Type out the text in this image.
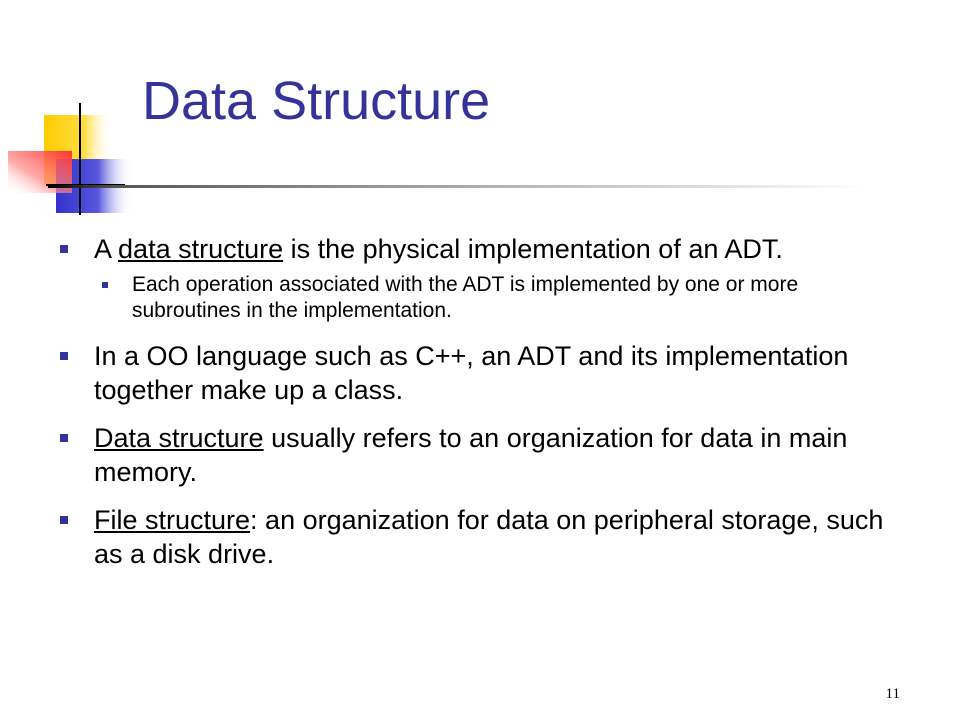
Data Structure
A data structure is the physical implementation of an ADT.
Each operation associated with the ADT is implemented by one or more subroutines in the implementation.
In a OO language such as C++, an ADT and its implementation together make up a class.
Data structure usually refers to an organization for data in main memory.
File structure: an organization for data on peripheral storage, such as a disk drive.
11
